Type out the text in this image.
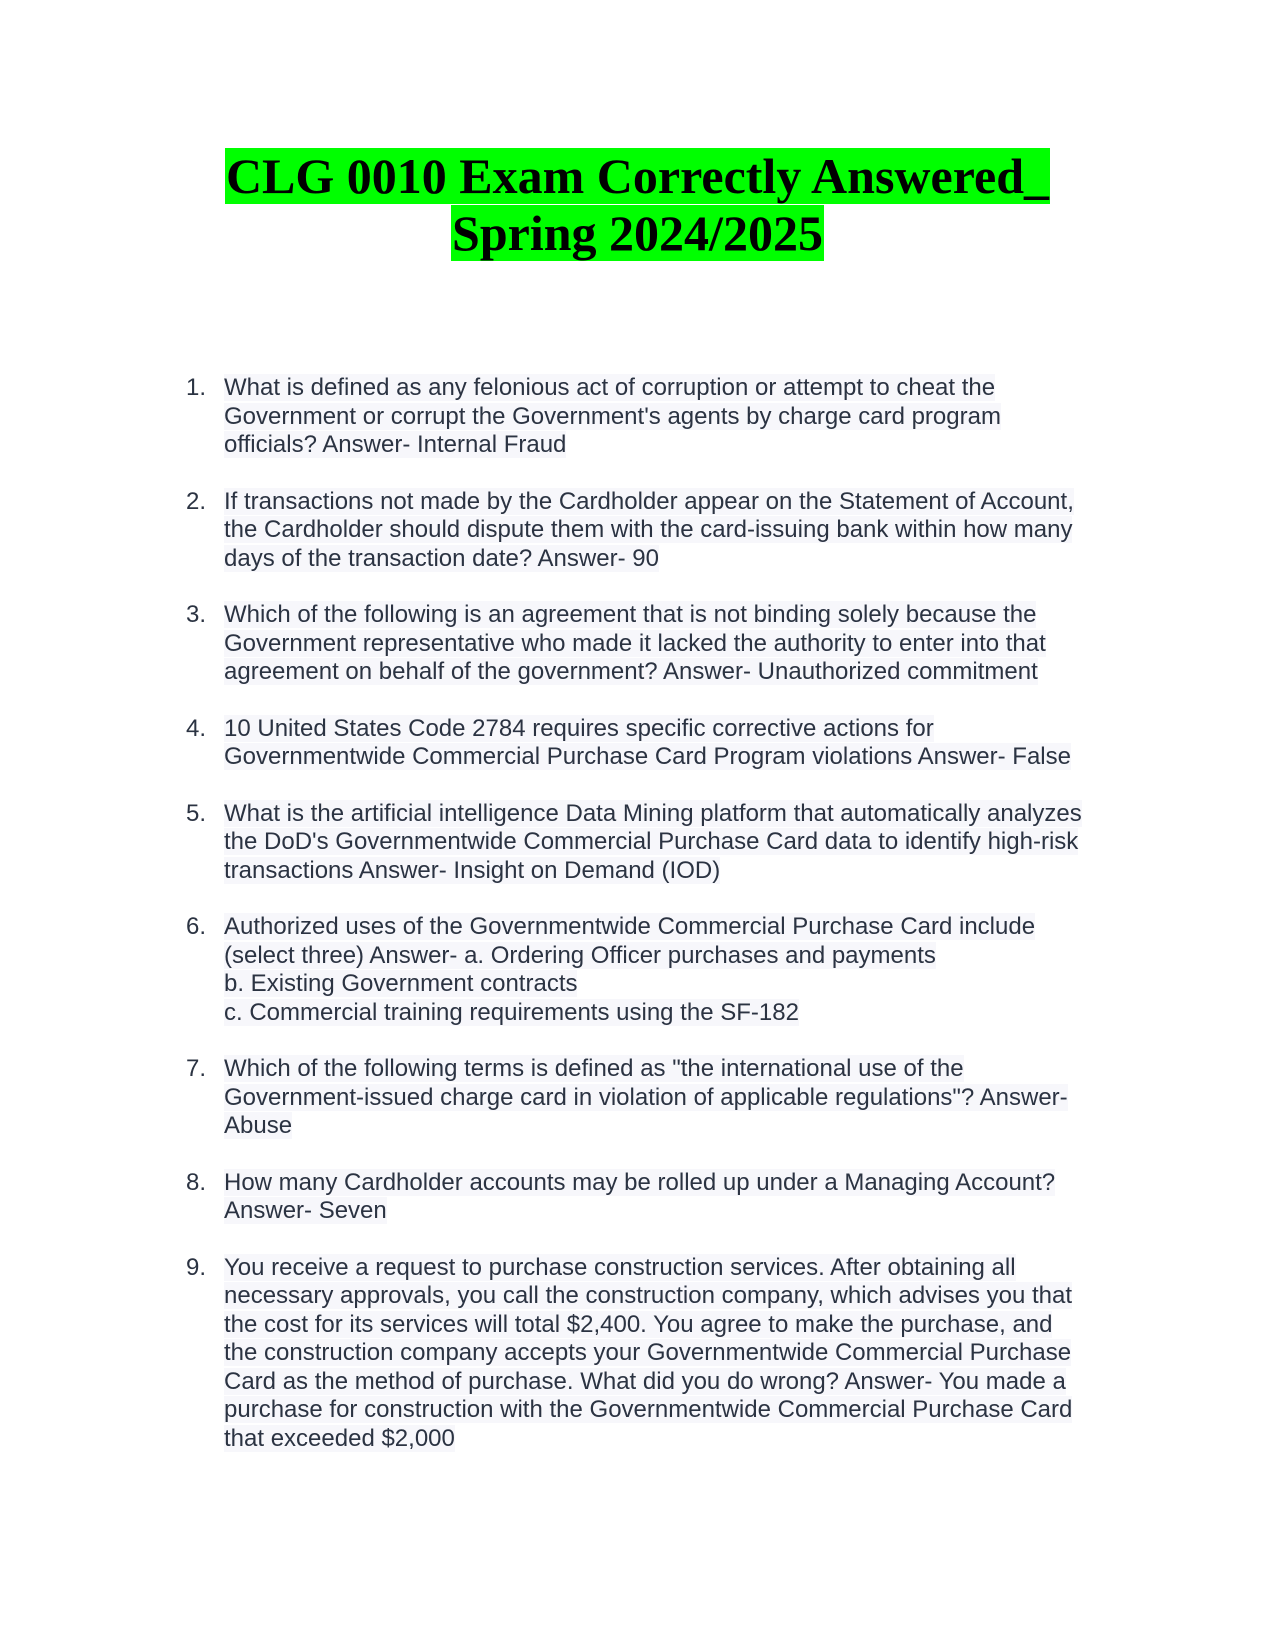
CLG 0010 Exam Correctly Answered_
Spring 2024/2025
1. What is defined as any felonious act of corruption or attempt to cheat the
Government or corrupt the Government's agents by charge card program
officials? Answer- Internal Fraud
2. If transactions not made by the Cardholder appear on the Statement of Account,
the Cardholder should dispute them with the card-issuing bank within how many
days of the transaction date? Answer- 90
3. Which of the following is an agreement that is not binding solely because the
Government representative who made it lacked the authority to enter into that
agreement on behalf of the government? Answer- Unauthorized commitment
4. 10 United States Code 2784 requires specific corrective actions for
Governmentwide Commercial Purchase Card Program violations Answer- False
5. What is the artificial intelligence Data Mining platform that automatically analyzes
the DoD's Governmentwide Commercial Purchase Card data to identify high-risk
transactions Answer- Insight on Demand (IOD)
6. Authorized uses of the Governmentwide Commercial Purchase Card include
(select three) Answer- a. Ordering Officer purchases and payments
b. Existing Government contracts
c. Commercial training requirements using the SF-182
7. Which of the following terms is defined as "the international use of the
Government-issued charge card in violation of applicable regulations"? Answer-
Abuse
8. How many Cardholder accounts may be rolled up under a Managing Account?
Answer- Seven
9. You receive a request to purchase construction services. After obtaining all
necessary approvals, you call the construction company, which advises you that
the cost for its services will total $2,400. You agree to make the purchase, and
the construction company accepts your Governmentwide Commercial Purchase
Card as the method of purchase. What did you do wrong? Answer- You made a
purchase for construction with the Governmentwide Commercial Purchase Card
that exceeded $2,000
